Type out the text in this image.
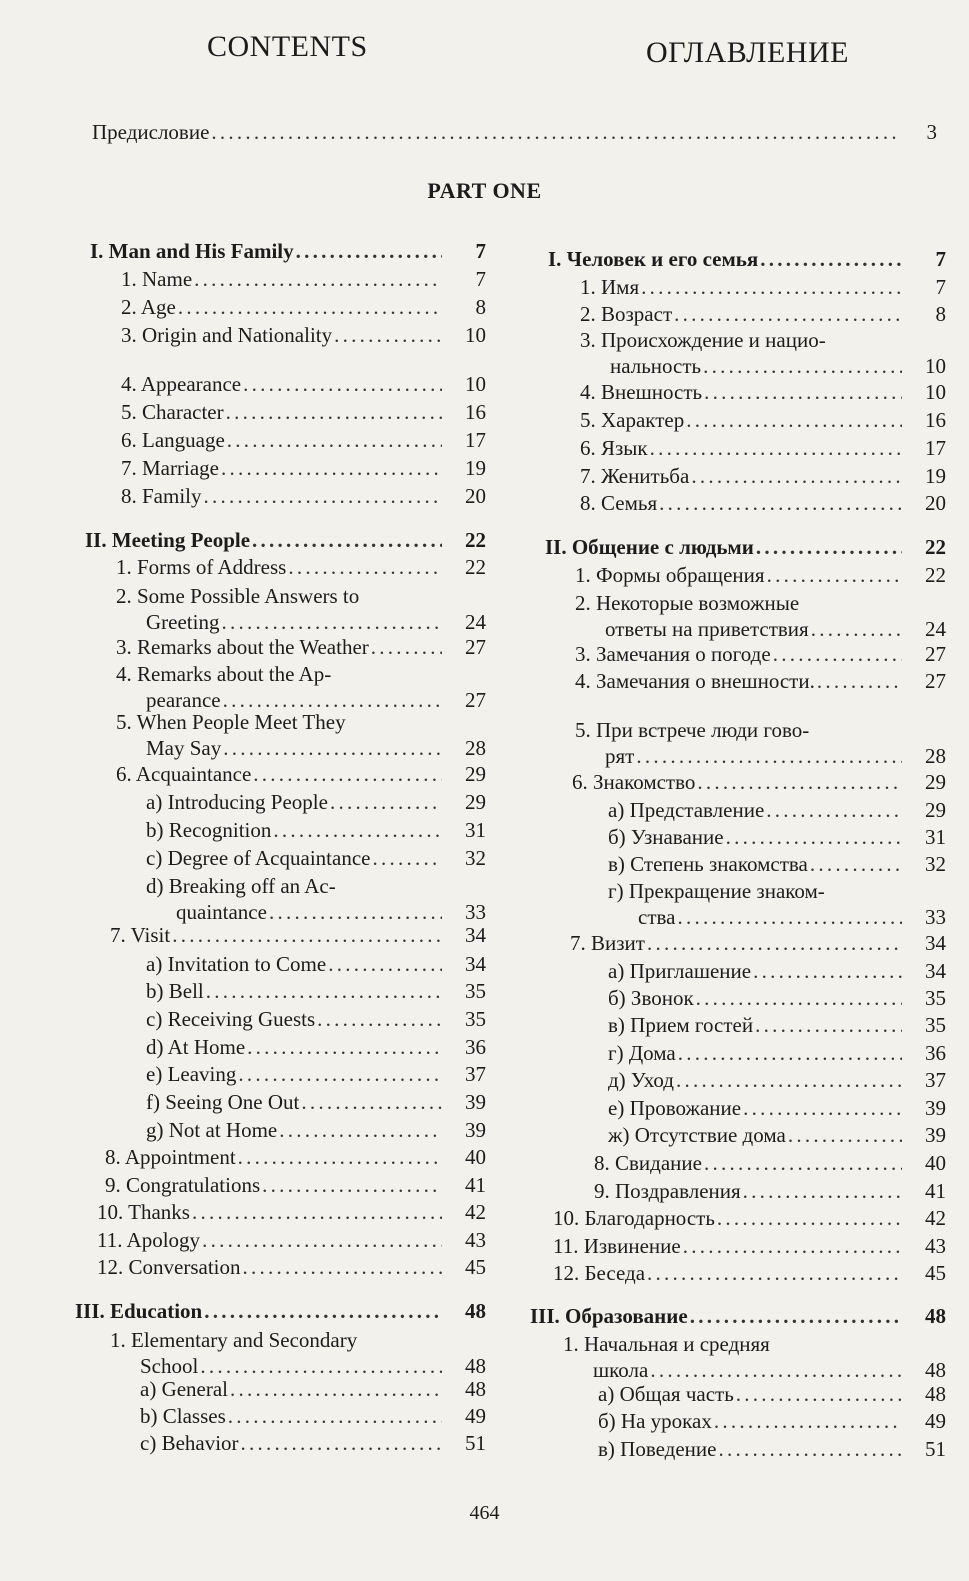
CONTENTS	ОГЛАВЛЕНИЕ
Предисловие . . .	3
PART ONE
I. Man and His Family . . .	7
1. Name . . .	7
2. Age . . .	8
3. Origin and Nationality . . .	10
4. Appearance . . .	10
5. Character . . .	16
6. Language . . .	17
7. Marriage . . .	19
8. Family . . .	20
II. Meeting People . . .	22
1. Forms of Address . . .	22
2. Some Possible Answers to
Greeting . . .	24
3. Remarks about the Weather . . .	27
4. Remarks about the Ap-
pearance . . .	27
5. When People Meet They
May Say . . .	28
6. Acquaintance . . .	29
a) Introducing People . . .	29
b) Recognition . . .	31
c) Degree of Acquaintance . . .	32
d) Breaking off an Ac-
quaintance . . .	33
7. Visit . . .	34
a) Invitation to Come . . .	34
b) Bell . . .	35
c) Receiving Guests . . .	35
d) At Home . . .	36
e) Leaving . . .	37
f) Seeing One Out . . .	39
g) Not at Home . . .	39
8. Appointment . . .	40
9. Congratulations . . .	41
10. Thanks . . .	42
11. Apology . . .	43
12. Conversation . . .	45
III. Education . . .	48
1. Elementary and Secondary
School . . .	48
a) General . . .	48
b) Classes . . .	49
c) Behavior . . .	51
I. Человек и его семья . . .	7
1. Имя . . .	7
2. Возраст . . .	8
3. Происхождение и нацио-
нальность . . .	10
4. Внешность . . .	10
5. Характер . . .	16
6. Язык . . .	17
7. Женитьба . . .	19
8. Семья . . .	20
II. Общение с людьми . . .	22
1. Формы обращения . . .	22
2. Некоторые возможные
ответы на приветствия . . .	24
3. Замечания о погоде . . .	27
4. Замечания о внешности. . . .	27
5. При встрече люди гово-
рят . . .	28
6. Знакомство . . .	29
а) Представление . . .	29
б) Узнавание . . .	31
в) Степень знакомства . . .	32
г) Прекращение знаком-
ства . . .	33
7. Визит . . .	34
а) Приглашение . . .	34
б) Звонок . . .	35
в) Прием гостей . . .	35
г) Дома . . .	36
д) Уход . . .	37
е) Провожание . . .	39
ж) Отсутствие дома . . .	39
8. Свидание . . .	40
9. Поздравления . . .	41
10. Благодарность . . .	42
11. Извинение . . .	43
12. Беседа . . .	45
III. Образование . . .	48
1. Начальная и средняя
школа . . .	48
а) Общая часть . . .	48
б) На уроках . . .	49
в) Поведение . . .	51
464
